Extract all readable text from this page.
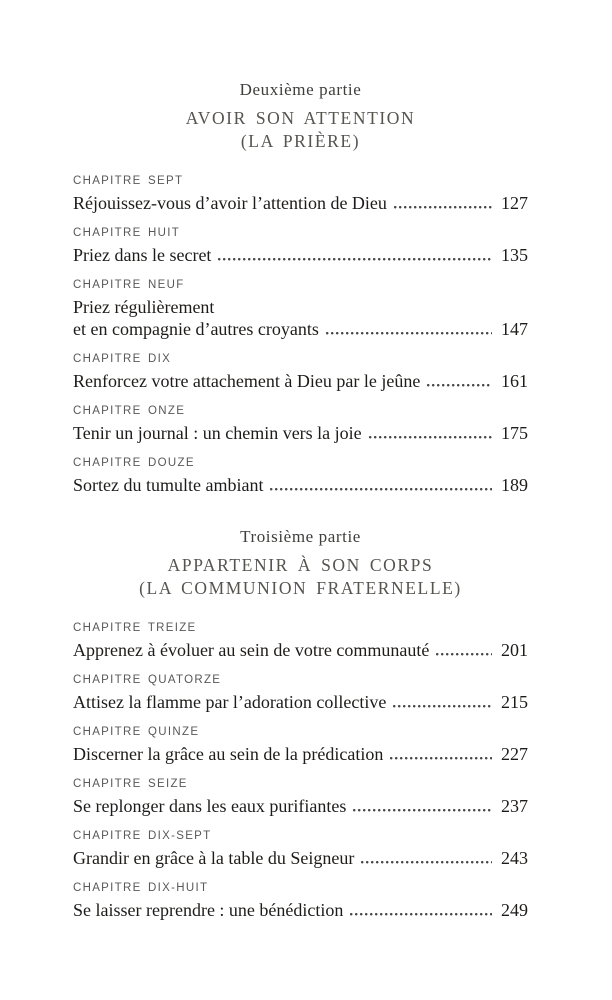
Deuxième partie
AVOIR SON ATTENTION
(LA PRIÈRE)
CHAPITRE SEPT
Réjouissez-vous d’avoir l’attention de Dieu	127
CHAPITRE HUIT
Priez dans le secret	135
CHAPITRE NEUF
Priez régulièrement
et en compagnie d’autres croyants	147
CHAPITRE DIX
Renforcez votre attachement à Dieu par le jeûne	161
CHAPITRE ONZE
Tenir un journal : un chemin vers la joie	175
CHAPITRE DOUZE
Sortez du tumulte ambiant	189
Troisième partie
APPARTENIR À SON CORPS
(LA COMMUNION FRATERNELLE)
CHAPITRE TREIZE
Apprenez à évoluer au sein de votre communauté	201
CHAPITRE QUATORZE
Attisez la flamme par l’adoration collective	215
CHAPITRE QUINZE
Discerner la grâce au sein de la prédication	227
CHAPITRE SEIZE
Se replonger dans les eaux purifiantes	237
CHAPITRE DIX-SEPT
Grandir en grâce à la table du Seigneur	243
CHAPITRE DIX-HUIT
Se laisser reprendre : une bénédiction	249
